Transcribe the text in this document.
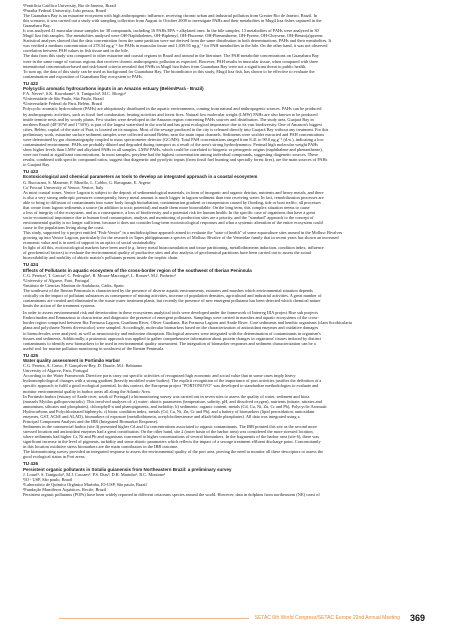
¹Pontifícia Católica University, Rio de Janeiro, Brazil
²Paraiba Federal University, João pessoa, Brazil
The Guanabara Bay is an estuarine ecosystem with high anthropogenic influence, receiving chronic urban and industrial pollution from Greater Rio de Janeiro, Brazil. In
this scenario, it was carried out a study with sampling collection from August to October 2008 to investigate PAHs and their metabolites in Mugil liza fishes captured in the
Guanabara Bay.
It was analyzed 41 muscular tissue samples for 38 compounds, including 16 PAHs EPA + alkylated ones. In the bile samples, 13 metabolites of PAHs were analyzed in 30
Mugil liza fish samples. The metabolites analysed were OH-Naphthalenes, OH-Biphenyl, OH-Fluorene, OH-Phenanthrene, OH-Pyrene, OH-Chrysene, OH-Benzo(a)pyrene.
Statistical analyses showed that the data concentration from the same partition were not derived from the same distribution in both determinations, PAHs and their metabolites. It
was verified a medium concentration of 278.34 ng.g⁻¹ for PAHs in muscular tissue and 1,039.95 ng.g⁻¹ for PAH metabolites in the bile. On the other hand, it was not observed
correlation between PAH values in fish tissue and in the bile.
The data from this study was compared to other estuarine and coastal regions in Brazil and around in the literature. The PAH metabolite concentrations on Guanabara Bay
were in the same range of various regions that receives chronic anthropogenic pollution as expected. However, PAH results in muscular tissue, when compared with three
international concentration-based and risk-based criteria revealed that PAHs in Mugil liza fishes from Guanabara Bay were not a significant threat to public health.
To sum up, the data of this study can be used as background for Guanabara Bay. The bioindicator in this study, Mugil liza fish, has shown to be effective to evaluate the
contamination and exposition of Guanabara Bay ecosystem to PAHs.
TU 422
Polycyclic aromatic hydrocarbons inputs in an Amazon estuary (Belém/Pará - Brazil)
F.A. Neves¹, S.K. Kawakami², S. Taniguchi², M.C. Bícego²
¹Universidade de São Paulo, São Paulo, Brazil
²Universidade Federal do Pará, Belém, Brazil
Polycyclic aromatic hydrocarbons (PAHs) are ubiquitously distributed in the aquatic environments, coming from natural and anthropogenic sources. PAHs can be produced
by anthropogenic activities, such as fossil fuel combustion, heating activities and forest fires. Natural low molecular weight (LMW) PAHs are also known to be produced
inside termite nests and by woody plants. Few studies were developed in the Amazon region concerning PAHs sources and distribution. The study area, Guajará Bay in
northern Brazil (48°30'W and 1°30'S), is part of the largest watershed in the world and has great ecological importance due to its vast biodiversity. One of Amazon's biggest
cities, Belém, capital of the state of Pará, is located on its margins. Most of the sewage produced in the city is released directly into Guajará Bay without any treatment. For this
preliminary work, estuarine surface sediment samples were collected around Belém, near the main input channels. Sediments were soxhlet extracted and PAH concentrations
were determined by gas chromatography coupled to mass spectrometer detector (GC/MS). Total PAH concentrations ranged from 8.41 to 90.0 ng.g⁻¹ (d.w.), indicating a low
contaminated environment. PAHs are probably diluted and degraded during transport as a result of the area's strong hydrodynamics. Perimal high molecular weight PAHs
show higher levels than LMW and alkylated PAHs in all samples. LMW PAHs, which could be correlated to biogenic or petrogenic origins (naphthalene and phenanthrene),
were not found at significant concentrations. In most samples, perylene had the highest concentration among individual compounds, suggesting diagenetic sources. These
results, combined with specific compound ratios, suggest that diagenetic and pyrolytic inputs (from fossil fuel burning and specially forest fires), are the main sources of PAHs
to Guajará Bay.
TU 423
Ecotoxicological and chemical parameters as tools to develop an integrated approach in a coastal ecosystem
G. Buccarani, S. Manente, F. Minello, L. Cobbo, G. Ravagnan, E. Argese
Ca' Foscari University of Venice, Venice, Italy
As most coastal zones, Venice Lagoon is subject to the deposit of sedimentological materials, in form of inorganic and organic detritus, nutrients and heavy metals, and there
is also a very strong anthropic pressures consequently, heavy metal amount is much bigger in lagoon sediment than into receiving water. In fact, remobilization processes are
able to bring to diffusion of contaminants into water body trough bioturbation, contamination gradient or resuspension caused by flooding, tide or boat traffic; all processes
that create from lagoon sediments a source (in addition to toxic potential) and made them more bioavailable. On the long term, this complex situation seems to cause
a loss of integrity of the ecosystem, and as a consequence, a loss of biodiversity and a potential risk for human health. In the specific case of organisms that have a great
socio-economical importance due to human food consumption, analysis and monitoring of production sites are a priority, and the "standard" approach to the concept of
environmental quality is no longer sufficient, because it does not consider long-term ecotoxicological responses and what a systemic alteration of the entire ecosystem could
cause to the populations living along the coast.
This study, supported by a project entitled "Fish-Venice" in a multidisciplinar approach aimed to evaluate the "state of health" of some aquaculture sites around in the Mollusc Bivalves
growing up into Venice Lagoon, particularly for the research in Tapes philippinarum a species of Mollusc Bivalve of the Veneridae family that in recent years has shown an increased
economic value and is in need of support in an optics of social sustainability.
In light of all this, ecotoxicological markers have been used (e.g. heavy metal bioaccumulation and tissue partitioning, metallothioneins induction, condition index, influence
of geochemical factors) to evaluate the environmental quality of productive sites and also analysis of geochemical partitions have been carried out to assess the actual
bioavailability and mobility of abiotic matrix's pollutants present inside the trophic chain.
TU 424
Effects of Pollutants in aquatic ecosystem of the cross-border region of the southwest of Iberian Peninsula
C.G. Pereira¹, T. Garcia², C. Pedrogão¹, R. Moura-Marcorga², L. Rosser¹, M.J. Pinheiro¹
¹University of Algarve, Faro, Portugal
²Instituto de Ciencias Marinas de Andalucia, Cádiz, Spain
The southwest of the Iberian Peninsula is characterized by the presence of diverse aquatic environments, estuaries and marshes which environmental situation depends
critically on the impact of pollutant substances as consequence of mining activities, increase of population densities, agricultural and industrial activities. A great number of
contaminants are created and eliminated in the waste water treatment plants, but recently the presence of new emergent pollutants has been detected which chemical nature
limits the action of the treatment systems.
In order to assess environmental risk and deterioration in these ecosystems analytical tools were developed under the framework of Interreg IIIA project Rise sub projects
Endocrinoden and Emmazimo to characterize and diagnostic the presence of emergent pollutants. Samplings were carried in marshes and aquatic ecosystems of the cross-
border region comprised between Ria Formosa Lagoon, Guadiana River, Oliver Guadiana, Ria Formosa Lagoon and Arade River. Core sediments and benthic organisms (clam Scrobicularia
plana and polychaete Nereis diversicolor) were sampled. Accordingly, molecular biomarkers based on the characterization of antioxidant enzymes and oxidative damages
to biomolecules were analysed, as well as neurotoxicity and endocrine disruption. Biological answers were integrated with the determination of contaminants in organism's
tissues and sediments. Additionally, a proteomic approach was applied to gather comprehensive information about protein changes in organisms' tissues induced by distinct
contaminants to identify new biomarkers to be used in environmental quality assessment. The integration of biomarker responses and sediment characterization can be a
useful tool for marine pollution monitoring in southwest of the Iberian Peninsula.
TU 425
Water quality assessment in Portimão Harbor
C.G. Pereira, A. Cravo, F. Gonçalves-Rey, D. Duarte, M.J. Bebianno
University of Algarve, Faro, Portugal
According to the Water Framework Directive ports carry out specific activities of recognized high economic and social value that in some cases imply heavy
hydromorphological changes with a strong gradient (heavily modified water bodies). The explicit recognition of the importance of port activities justifies the definition of a
specific approach to fulfil a good ecological potential. In this context, the European project "PORTONOVO" was developed to standardize methodologies to evaluate and
monitor environmental quality in harbor areas all along the Atlantic Area.
In Portimão harbor (estuary of Arade river, south of Portugal) a biomonitoring survey was carried out in seven sites to assess the quality of water, sediment and biota
(mussels Mytilus galloprovincialis). This involved analyses of: a) water: abiotic parameters (temperature, salinity, pH, and dissolved oxygen), nutrients (nitrate, nitrates and
ammonium, silicates and phosphates), chlorophyll-a and phaeopigments, and turbidity; b) sediments: organic content, metals (Cd, Cu, Ni, Zn, Cr and Pb), Polycyclic Aromatic
Hydrocarbons and Polychlorinated biphenyls; c) biota: condition index, metals (Cd, Cu, Ni, Zn, Cr and Pb), and a battery of biomarkers (lipid peroxidation, antioxidant
enzymes, GST, AChE and ALAD), biomarkers of exposure (metallothionein, acetylcholinesterase and alkali-labile phosphates). All data was integrated using a
Principal Component Analysis and the IBR (Integrated Biomarker Response).
Sediments in the commercial harbor (site 4) presented higher Cd and Cu concentrations associated to organic contaminants. The IBR pointed this site as the second more
stressed location and antioxidant enzymes had a great contribution. On the other hand, site 2 (outer basin of the harbor area) was considered the more stressed location,
where sediments had higher Cr, Ni and Pb and organisms concerned to higher concentrations of several biomarkers. In the fragmentis of the harbor area (site 6), there was
significant increase in the level of pigments, turbidity and some abiotic parameters which reflects the impact of a sewage treatment effluent discharge point. Concomitantly
in this location oxidative stress biomarkers are the main contributors in the IBR outcome.
The biomonitoring survey provided an integrated response to assess the environmental quality of the port area, proving the need to monitor all these descriptors to assess the
good ecological status in Port areas.
TU 426
Persistent organic pollutants in Sotalia guianensis from Northeastern Brazil: a preliminary survey
J. Lourd¹, S. Taniguchi¹, M.J. Cascaes², P.S. Dias³, D.R. Marinho³, R.C. Montone¹
¹IO - USP, São paulo, Brazil
²Laboratório de Química Orgânica Marinha, IO-USP, São paulo, Brazil
³Fundação Mamíferos Aquáticos, Recife, Brazil
Persistent organic pollutants (POPs) have been widely reported in different cetaceans species around the world. However, data in dolphins from northeastern (NE) coast of
SETAC 6th World Congress/SETAC Europe 22nd Annual Meeting 369
